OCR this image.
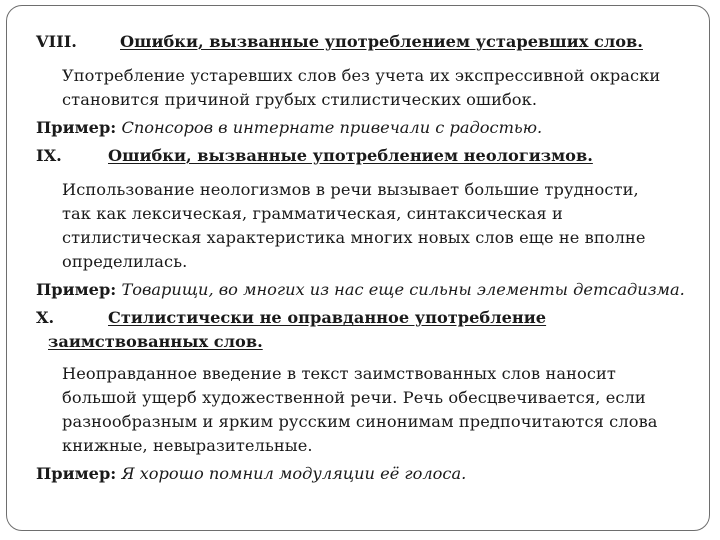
VIII.	Ошибки, вызванные употреблением устаревших слов.
Употребление устаревших слов без учета их экспрессивной окраски
становится причиной грубых стилистических ошибок.
Пример: Спонсоров в интернате привечали с радостью.
IX.	Ошибки, вызванные употреблением неологизмов.
Использование неологизмов в речи вызывает большие трудности,
так как лексическая, грамматическая, синтаксическая и
стилистическая характеристика многих новых слов еще не вполне
определилась.
Пример: Товарищи, во многих из нас еще сильны элементы детсадизма.
X.	Стилистически не оправданное употребление
заимствованных слов.
Неоправданное введение в текст заимствованных слов наносит
большой ущерб художественной речи. Речь обесцвечивается, если
разнообразным и ярким русским синонимам предпочитаются слова
книжные, невыразительные.
Пример: Я хорошо помнил модуляции её голоса.
